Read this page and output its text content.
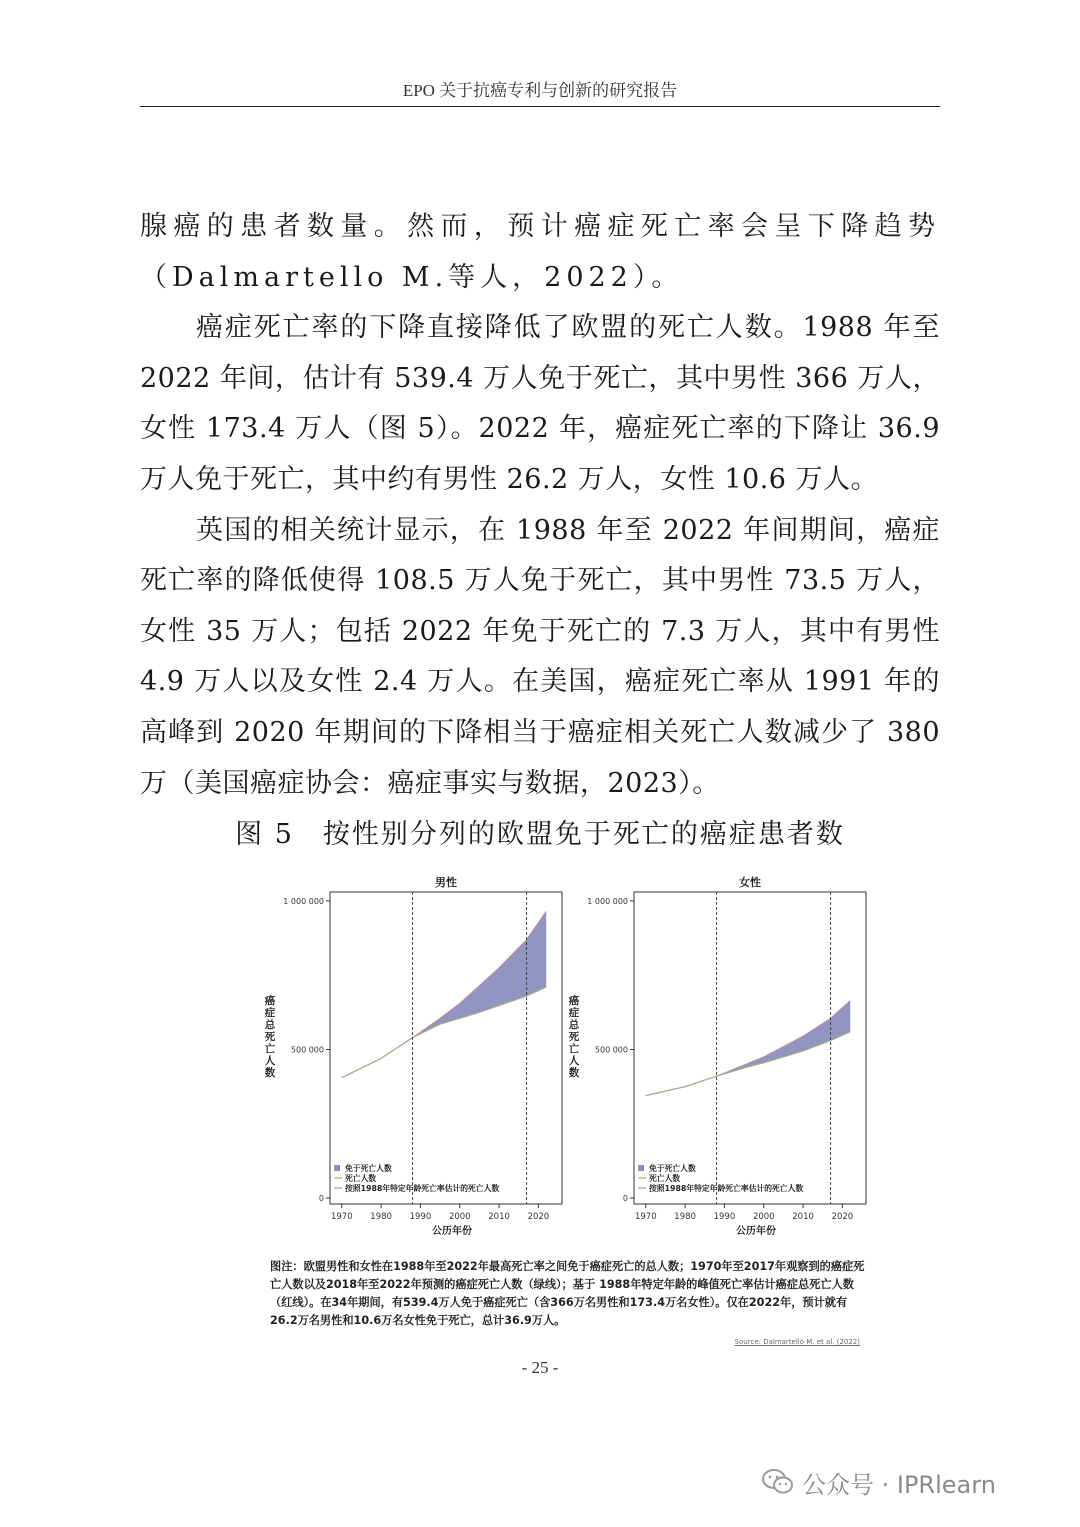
EPO 关于抗癌专利与创新的研究报告

腺癌的患者数量。然而，预计癌症死亡率会呈下降趋势（Dalmartello M.等人，2022）。

癌症死亡率的下降直接降低了欧盟的死亡人数。1988 年至 2022 年间，估计有 539.4 万人免于死亡，其中男性 366 万人，女性 173.4 万人（图 5）。2022 年，癌症死亡率的下降让 36.9 万人免于死亡，其中约有男性 26.2 万人，女性 10.6 万人。

英国的相关统计显示，在 1988 年至 2022 年间期间，癌症死亡率的降低使得 108.5 万人免于死亡，其中男性 73.5 万人，女性 35 万人；包括 2022 年免于死亡的 7.3 万人，其中有男性 4.9 万人以及女性 2.4 万人。在美国，癌症死亡率从 1991 年的高峰到 2020 年期间的下降相当于癌症相关死亡人数减少了 380 万（美国癌症协会：癌症事实与数据，2023）。

图 5　按性别分列的欧盟免于死亡的癌症患者数
男性
0
500 000
1 000 000
1970 1980 1990 2000 2010 2020
公历年份
癌症总死亡人数
免于死亡人数
死亡人数
按照1988年特定年龄死亡率估计的死亡人数
女性
0
500 000
1 000 000
1970 1980 1990 2000 2010 2020
公历年份
癌症总死亡人数
免于死亡人数
死亡人数
按照1988年特定年龄死亡率估计的死亡人数
图注：欧盟男性和女性在1988年至2022年最高死亡率之间免于癌症死亡的总人数；1970年至2017年观察到的癌症死亡人数以及2018年至2022年预测的癌症死亡人数（绿线）；基于 1988年特定年龄的峰值死亡率估计癌症总死亡人数（红线）。在34年期间，有539.4万人免于癌症死亡（含366万名男性和173.4万名女性）。仅在2022年，预计就有26.2万名男性和10.6万名女性免于死亡，总计36.9万人。
Source: Dalmartello M. et al. (2022)
- 25 -
公众号 · IPRlearn
